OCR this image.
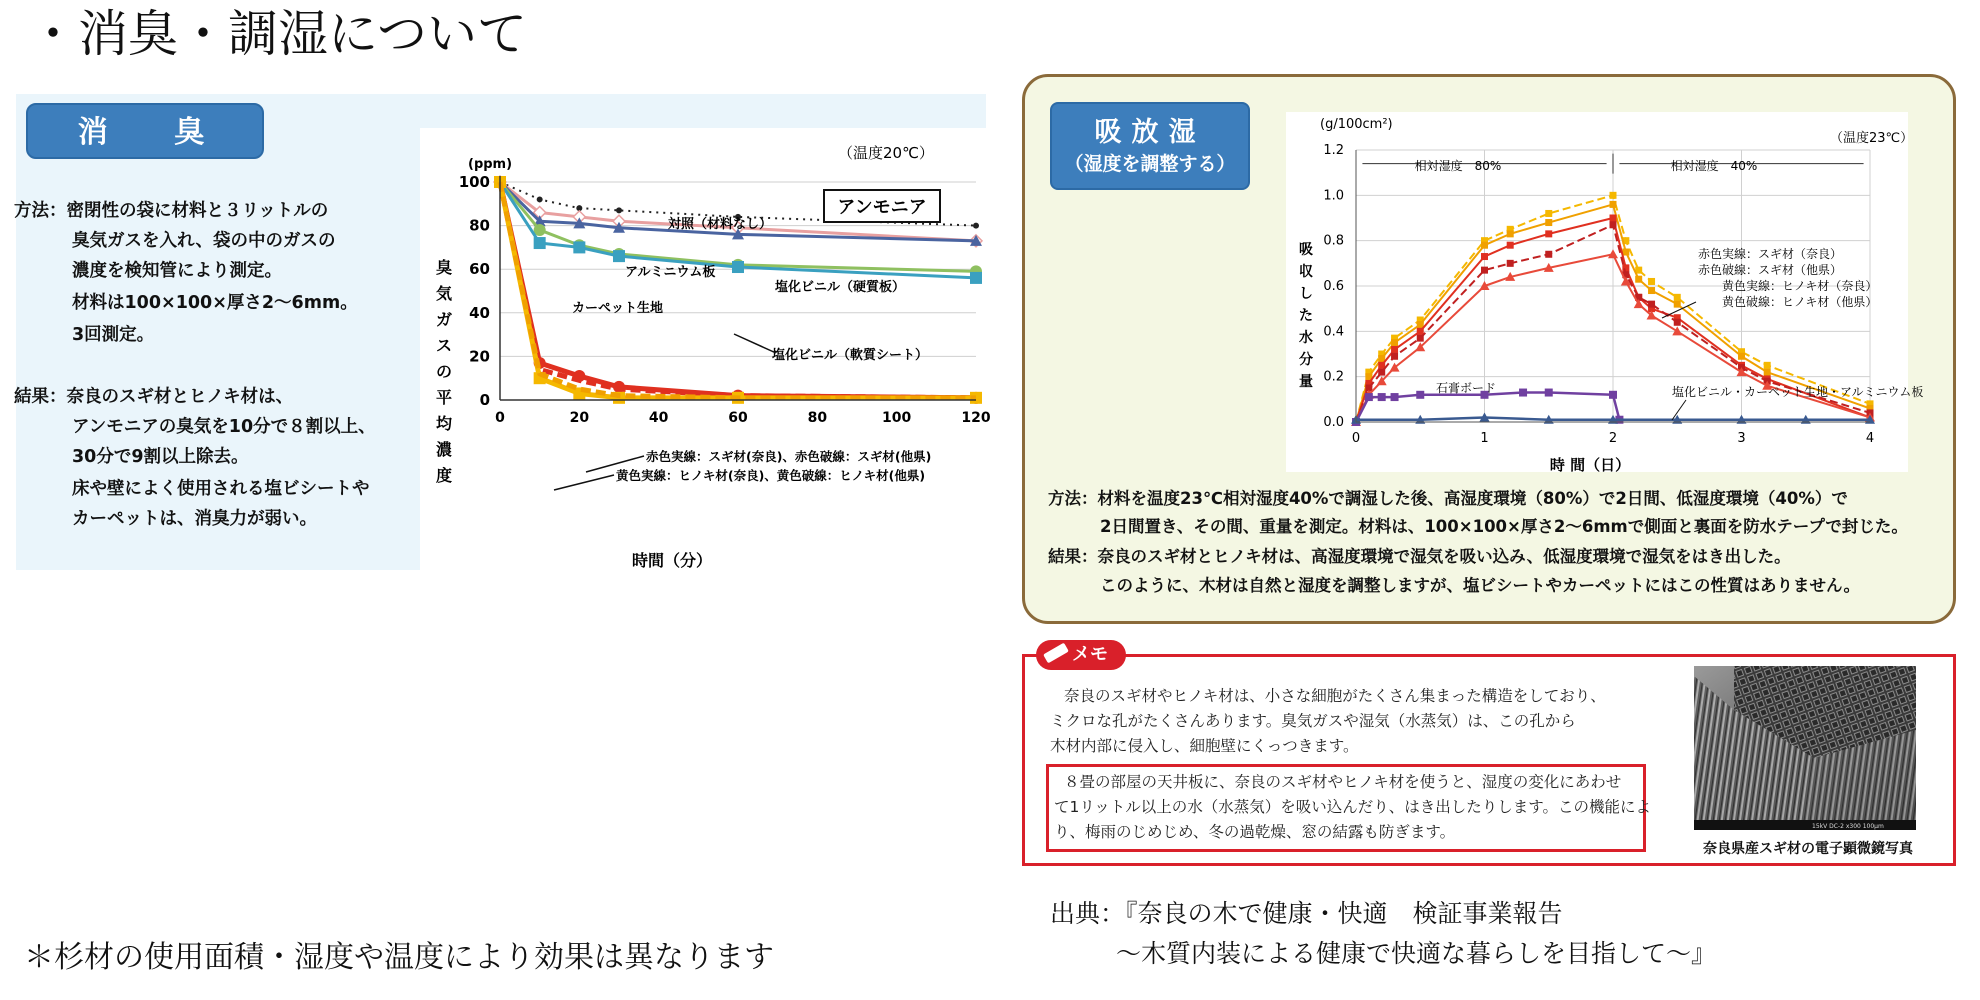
・消臭・調湿について
消 臭
方法：密閉性の袋に材料と３リットルの
臭気ガスを入れ、袋の中のガスの
濃度を検知管により測定。
材料は100×100×厚さ2～6mm。
3回測定。
結果：奈良のスギ材とヒノキ材は、
アンモニアの臭気を10分で８割以上、
30分で9割以上除去。
床や壁によく使用される塩ビシートや
カーペットは、消臭力が弱い。
0
20
40
60
80
100
0	20	40	60	80	100	120
(ppm)
（温度20℃）
アンモニア
時間（分）
対照（材料なし）
アルミニウム板
塩化ビニル（硬質板）
カーペット生地
塩化ビニル（軟質シート）
赤色実線：スギ材(奈良)、赤色破線：スギ材(他県)
黄色実線：ヒノキ材(奈良)、黄色破線：ヒノキ材(他県)
臭
気
ガ
ス
の
平
均
濃
度
吸放湿
（湿度を調整する）
0.0
0.2
0.4
0.6
0.8
1.0
1.2
0	1	2	3	4
(g/100cm²)
（温度23℃）
時 間（日）
相対湿度　80%	相対湿度　40%
赤色実線：スギ材（奈良）
赤色破線：スギ材（他県）
黄色実線：ヒノキ材（奈良）
黄色破線：ヒノキ材（他県）
石膏ボード	塩化ビニル・カーペット生地・アルミニウム板
吸
収
し
た
水
分
量
方法：材料を温度23℃相対湿度40%で調湿した後、高湿度環境（80%）で2日間、低湿度環境（40%）で
2日間置き、その間、重量を測定。材料は、100×100×厚さ2～6mmで側面と裏面を防水テープで封じた。
結果：奈良のスギ材とヒノキ材は、高湿度環境で湿気を吸い込み、低湿度環境で湿気をはき出した。
このように、木材は自然と湿度を調整しますが、塩ビシートやカーペットにはこの性質はありません。
メモ
奈良のスギ材やヒノキ材は、小さな細胞がたくさん集まった構造をしており、
ミクロな孔がたくさんあります。臭気ガスや湿気（水蒸気）は、この孔から
木材内部に侵入し、細胞壁にくっつきます。
８畳の部屋の天井板に、奈良のスギ材やヒノキ材を使うと、湿度の変化にあわせ
て1リットル以上の水（水蒸気）を吸い込んだり、はき出したりします。この機能によ
り、梅雨のじめじめ、冬の過乾燥、窓の結露も防ぎます。	15kV DC-2 x300 100μm
奈良県産スギ材の電子顕微鏡写真
出典：『奈良の木で健康・快適　検証事業報告
～木質内装による健康で快適な暮らしを目指して～』
＊杉材の使用面積・湿度や温度により効果は異なります
